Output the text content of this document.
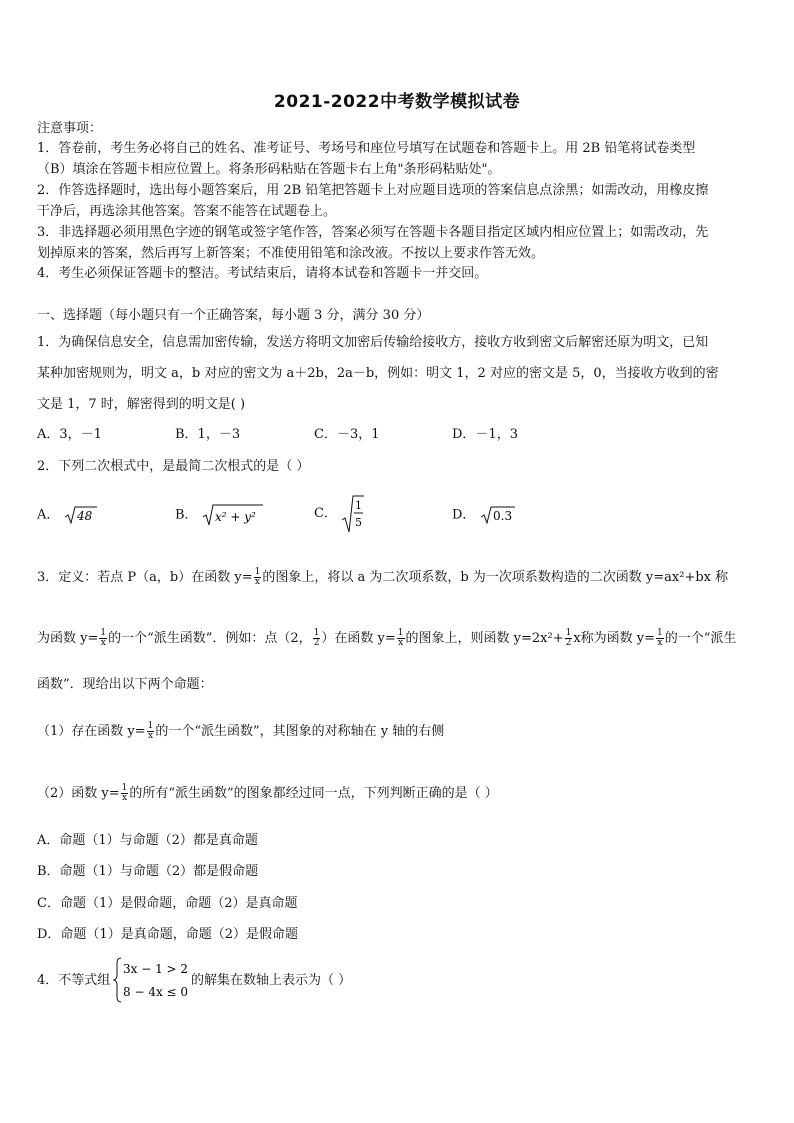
2021-2022中考数学模拟试卷
注意事项：
1．答卷前，考生务必将自己的姓名、准考证号、考场号和座位号填写在试题卷和答题卡上。用 2B 铅笔将试卷类型
（B）填涂在答题卡相应位置上。将条形码粘贴在答题卡右上角"条形码粘贴处"。
2．作答选择题时，选出每小题答案后，用 2B 铅笔把答题卡上对应题目选项的答案信息点涂黑；如需改动，用橡皮擦
干净后，再选涂其他答案。答案不能答在试题卷上。
3．非选择题必须用黑色字迹的钢笔或签字笔作答，答案必须写在答题卡各题目指定区域内相应位置上；如需改动，先
划掉原来的答案，然后再写上新答案；不准使用铅笔和涂改液。不按以上要求作答无效。
4．考生必须保证答题卡的整洁。考试结束后，请将本试卷和答题卡一并交回。
一、选择题（每小题只有一个正确答案，每小题 3 分，满分 30 分）
1．为确保信息安全，信息需加密传输，发送方将明文加密后传输给接收方，接收方收到密文后解密还原为明文，已知
某种加密规则为，明文 a，b 对应的密文为 a＋2b，2a－b，例如：明文 1，2 对应的密文是 5，0，当接收方收到的密
文是 1，7 时，解密得到的明文是( )
A．3，－1	B．1，－3	C．－3，1	D．－1，3
2．下列二次根式中，是最简二次根式的是（ ）
A． 48	B． x² + y²	C．
1
5	D． 0.3
3．定义：若点 P（a，b）在函数 $y= \frac{1}{x}$ 的图象上，将以 a 为二次项系数，b 为一次项系数构造的二次函数 y=ax²+bx 称
为函数 $y= \frac{1}{x}$ 的一个“派生函数”．例如：点（2， $\frac{1}{2}$ ）在函数 $y= \frac{1}{x}$ 的图象上，则函数 $y=2x^2+ \frac{1}{2}$ x称为函数 $y= \frac{1}{x}$ 的一个“派生
函数”．现给出以下两个命题：
（1）存在函数 $y= \frac{1}{x}$ 的一个“派生函数”，其图象的对称轴在 y 轴的右侧
（2）函数 $y= \frac{1}{x}$ 的所有“派生函数”的图象都经过同一点，下列判断正确的是（ ）
A．命题（1）与命题（2）都是真命题
B．命题（1）与命题（2）都是假命题
C．命题（1）是假命题，命题（2）是真命题
D．命题（1）是真命题，命题（2）是假命题
4．不等式组
3x − 1 > 2
8 − 4x ≤ 0
的解集在数轴上表示为（ ）
